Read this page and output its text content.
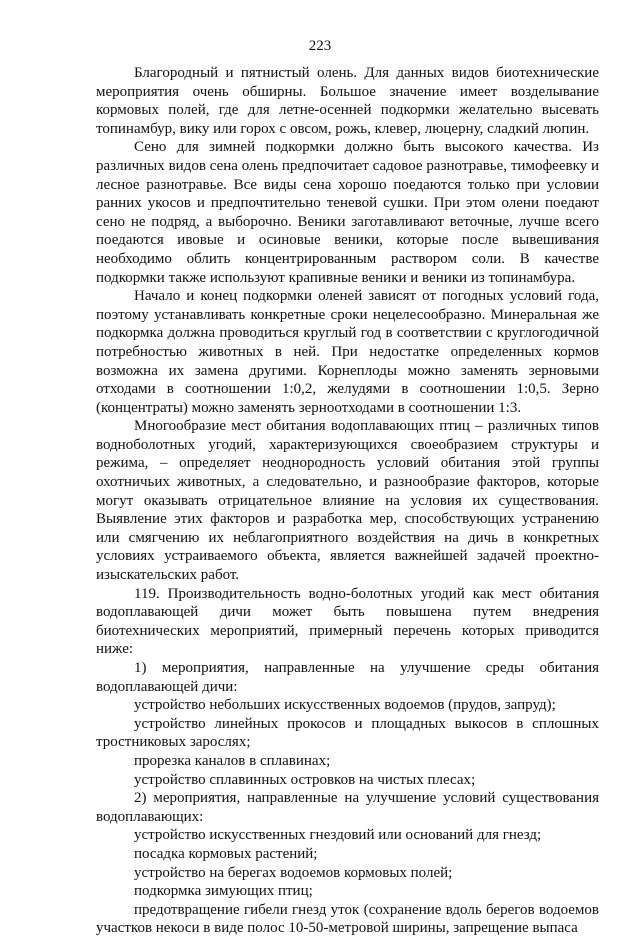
223

Благородный и пятнистый олень. Для данных видов биотехнические мероприятия очень обширны. Большое значение имеет возделывание кормовых полей, где для летне-осенней подкормки желательно высевать топинамбур, вику или горох с овсом, рожь, клевер, люцерну, сладкий люпин.

Сено для зимней подкормки должно быть высокого качества. Из различных видов сена олень предпочитает садовое разнотравье, тимофеевку и лесное разнотравье. Все виды сена хорошо поедаются только при условии ранних укосов и предпочтительно теневой сушки. При этом олени поедают сено не подряд, а выборочно. Веники заготавливают веточные, лучше всего поедаются ивовые и осиновые веники, которые после вывешивания необходимо облить концентрированным раствором соли. В качестве подкормки также используют крапивные веники и веники из топинамбура.

Начало и конец подкормки оленей зависят от погодных условий года, поэтому устанавливать конкретные сроки нецелесообразно. Минеральная же подкормка должна проводиться круглый год в соответствии с круглогодичной потребностью животных в ней. При недостатке определенных кормов возможна их замена другими. Корнеплоды можно заменять зерновыми отходами в соотношении 1:0,2, желудями в соотношении 1:0,5. Зерно (концентраты) можно заменять зерноотходами в соотношении 1:3.

Многообразие мест обитания водоплавающих птиц – различных типов водноболотных угодий, характеризующихся своеобразием структуры и режима, – определяет неоднородность условий обитания этой группы охотничьих животных, а следовательно, и разнообразие факторов, которые могут оказывать отрицательное влияние на условия их существования. Выявление этих факторов и разработка мер, способствующих устранению или смягчению их неблагоприятного воздействия на дичь в конкретных условиях устраиваемого объекта, является важнейшей задачей проектно-изыскательских работ.

119. Производительность водно-болотных угодий как мест обитания водоплавающей дичи может быть повышена путем внедрения биотехнических мероприятий, примерный перечень которых приводится ниже:

1) мероприятия, направленные на улучшение среды обитания водоплавающей дичи:

устройство небольших искусственных водоемов (прудов, запруд);

устройство линейных прокосов и площадных выкосов в сплошных тростниковых зарослях;

прорезка каналов в сплавинах;

устройство сплавинных островков на чистых плесах;

2) мероприятия, направленные на улучшение условий существования водоплавающих:

устройство искусственных гнездовий или оснований для гнезд;

посадка кормовых растений;

устройство на берегах водоемов кормовых полей;

подкормка зимующих птиц;

предотвращение гибели гнезд уток (сохранение вдоль берегов водоемов участков некоси в виде полос 10-50-метровой ширины, запрещение выпаса
